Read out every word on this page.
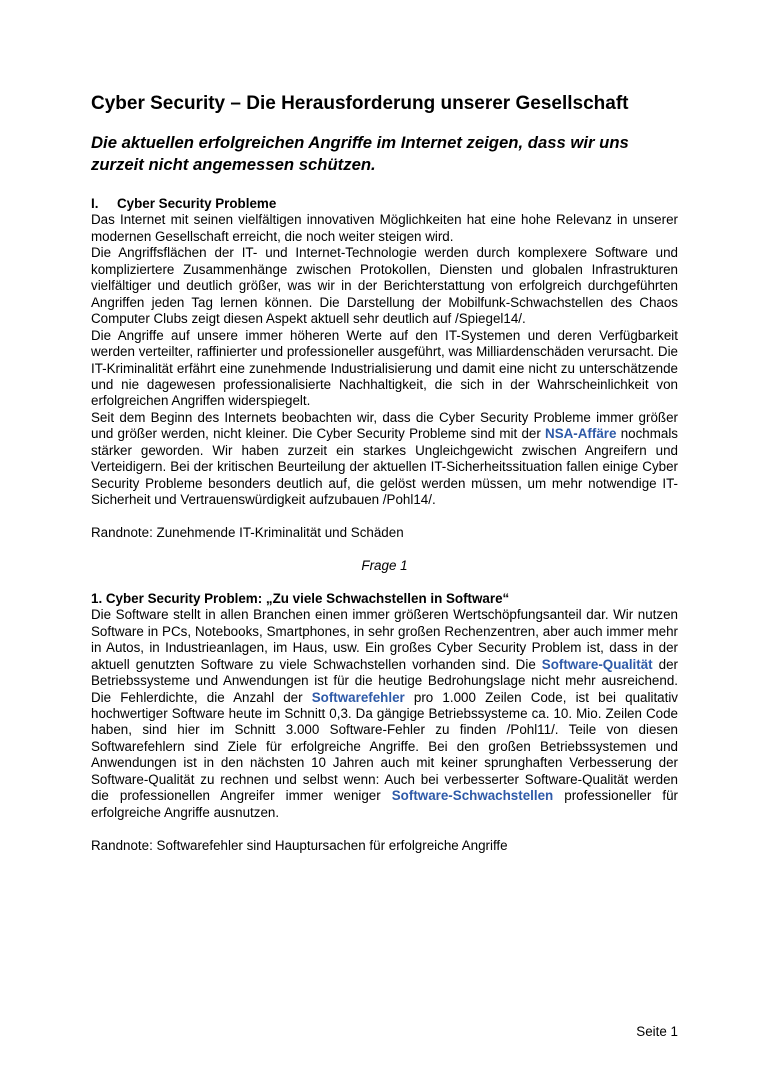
Cyber Security – Die Herausforderung unserer Gesellschaft

Die aktuellen erfolgreichen Angriffe im Internet zeigen, dass wir uns zurzeit nicht angemessen schützen.

I. Cyber Security Probleme

Das Internet mit seinen vielfältigen innovativen Möglichkeiten hat eine hohe Relevanz in unserer modernen Gesellschaft erreicht, die noch weiter steigen wird.

Die Angriffsflächen der IT- und Internet-Technologie werden durch komplexere Software und kompliziertere Zusammenhänge zwischen Protokollen, Diensten und globalen Infrastrukturen vielfältiger und deutlich größer, was wir in der Berichterstattung von erfolgreich durchgeführten Angriffen jeden Tag lernen können. Die Darstellung der Mobilfunk-Schwachstellen des Chaos Computer Clubs zeigt diesen Aspekt aktuell sehr deutlich auf /Spiegel14/.

Die Angriffe auf unsere immer höheren Werte auf den IT-Systemen und deren Verfügbarkeit werden verteilter, raffinierter und professioneller ausgeführt, was Milliardenschäden verursacht. Die IT-Kriminalität erfährt eine zunehmende Industrialisierung und damit eine nicht zu unterschätzende und nie dagewesen professionalisierte Nachhaltigkeit, die sich in der Wahrscheinlichkeit von erfolgreichen Angriffen widerspiegelt.

Seit dem Beginn des Internets beobachten wir, dass die Cyber Security Probleme immer größer und größer werden, nicht kleiner. Die Cyber Security Probleme sind mit der NSA-Affäre nochmals stärker geworden. Wir haben zurzeit ein starkes Ungleichgewicht zwischen Angreifern und Verteidigern. Bei der kritischen Beurteilung der aktuellen IT-Sicherheitssituation fallen einige Cyber Security Probleme besonders deutlich auf, die gelöst werden müssen, um mehr notwendige IT-Sicherheit und Vertrauenswürdigkeit aufzubauen /Pohl14/.

Randnote: Zunehmende IT-Kriminalität und Schäden

Frage 1

1. Cyber Security Problem: „Zu viele Schwachstellen in Software“

Die Software stellt in allen Branchen einen immer größeren Wertschöpfungsanteil dar. Wir nutzen Software in PCs, Notebooks, Smartphones, in sehr großen Rechenzentren, aber auch immer mehr in Autos, in Industrieanlagen, im Haus, usw. Ein großes Cyber Security Problem ist, dass in der aktuell genutzten Software zu viele Schwachstellen vorhanden sind. Die Software-Qualität der Betriebssysteme und Anwendungen ist für die heutige Bedrohungslage nicht mehr ausreichend. Die Fehlerdichte, die Anzahl der Softwarefehler pro 1.000 Zeilen Code, ist bei qualitativ hochwertiger Software heute im Schnitt 0,3. Da gängige Betriebssysteme ca. 10. Mio. Zeilen Code haben, sind hier im Schnitt 3.000 Software-Fehler zu finden /Pohl11/. Teile von diesen Softwarefehlern sind Ziele für erfolgreiche Angriffe. Bei den großen Betriebssystemen und Anwendungen ist in den nächsten 10 Jahren auch mit keiner sprunghaften Verbesserung der Software-Qualität zu rechnen und selbst wenn: Auch bei verbesserter Software-Qualität werden die professionellen Angreifer immer weniger Software-Schwachstellen professioneller für erfolgreiche Angriffe ausnutzen.

Randnote: Softwarefehler sind Hauptursachen für erfolgreiche Angriffe

Seite 1
